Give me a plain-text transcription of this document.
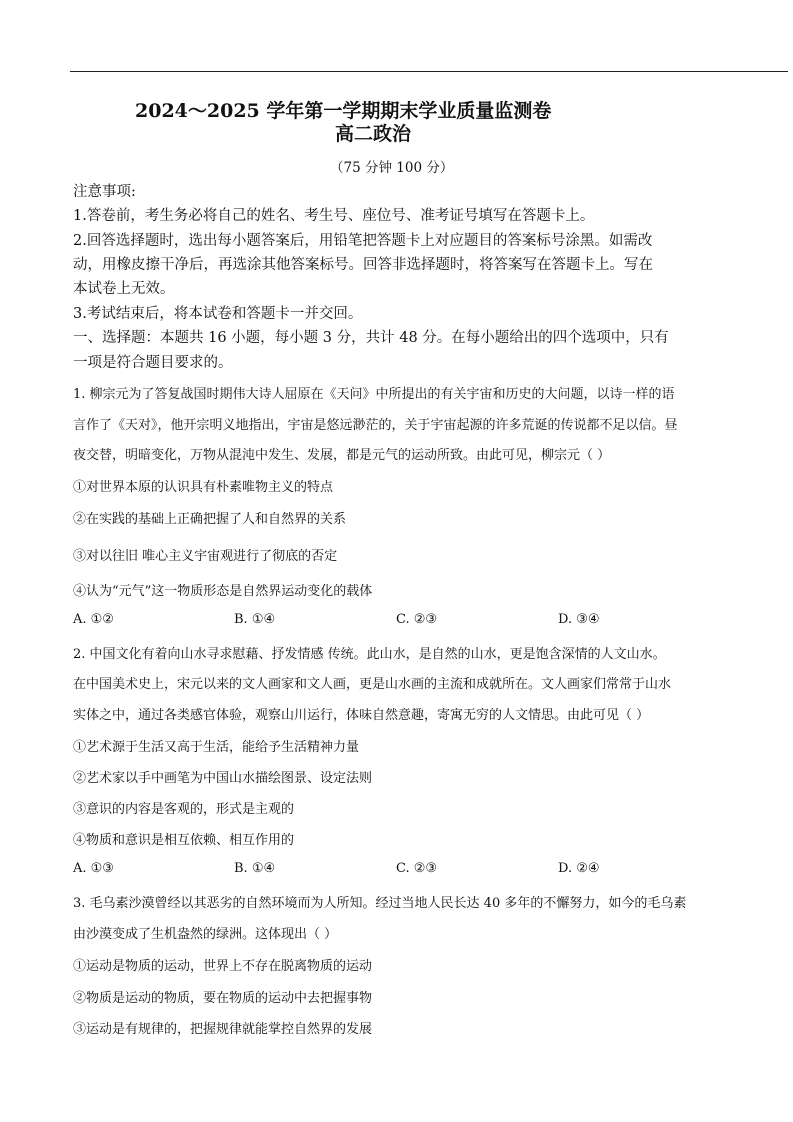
2024～2025 学年第一学期期末学业质量监测卷
高二政治
（75 分钟 100 分）
注意事项:
1.答卷前，考生务必将自己的姓名、考生号、座位号、准考证号填写在答题卡上。
2.回答选择题时，选出每小题答案后，用铅笔把答题卡上对应题目的答案标号涂黑。如需改
动，用橡皮擦干净后，再选涂其他答案标号。回答非选择题时，将答案写在答题卡上。写在
本试卷上无效。
3.考试结束后，将本试卷和答题卡一并交回。
一、选择题：本题共 16 小题，每小题 3 分，共计 48 分。在每小题给出的四个选项中，只有
一项是符合题目要求的。
1. 柳宗元为了答复战国时期伟大诗人屈原在《天问》中所提出的有关宇宙和历史的大问题，以诗一样的语
言作了《天对》，他开宗明义地指出，宇宙是悠远渺茫的，关于宇宙起源的许多荒诞的传说都不足以信。昼
夜交替，明暗变化，万物从混沌中发生、发展，都是元气的运动所致。由此可见，柳宗元（ ）
①对世界本原的认识具有朴素唯物主义的特点
②在实践的基础上正确把握了人和自然界的关系
③对以往旧 唯心主义宇宙观进行了彻底的否定
④认为“元气”这一物质形态是自然界运动变化的载体
A. ①②	B. ①④	C. ②③	D. ③④
2. 中国文化有着向山水寻求慰藉、抒发情感 传统。此山水，是自然的山水，更是饱含深情的人文山水。
在中国美术史上，宋元以来的文人画家和文人画，更是山水画的主流和成就所在。文人画家们常常于山水
实体之中，通过各类感官体验，观察山川运行，体味自然意趣，寄寓无穷的人文情思。由此可见（ ）
①艺术源于生活又高于生活，能给予生活精神力量
②艺术家以手中画笔为中国山水描绘图景、设定法则
③意识的内容是客观的，形式是主观的
④物质和意识是相互依赖、相互作用的
A. ①③	B. ①④	C. ②③	D. ②④
3. 毛乌素沙漠曾经以其恶劣的自然环境而为人所知。经过当地人民长达 40 多年的不懈努力，如今的毛乌素
由沙漠变成了生机盎然的绿洲。这体现出（ ）
①运动是物质的运动，世界上不存在脱离物质的运动
②物质是运动的物质，要在物质的运动中去把握事物
③运动是有规律的，把握规律就能掌控自然界的发展
